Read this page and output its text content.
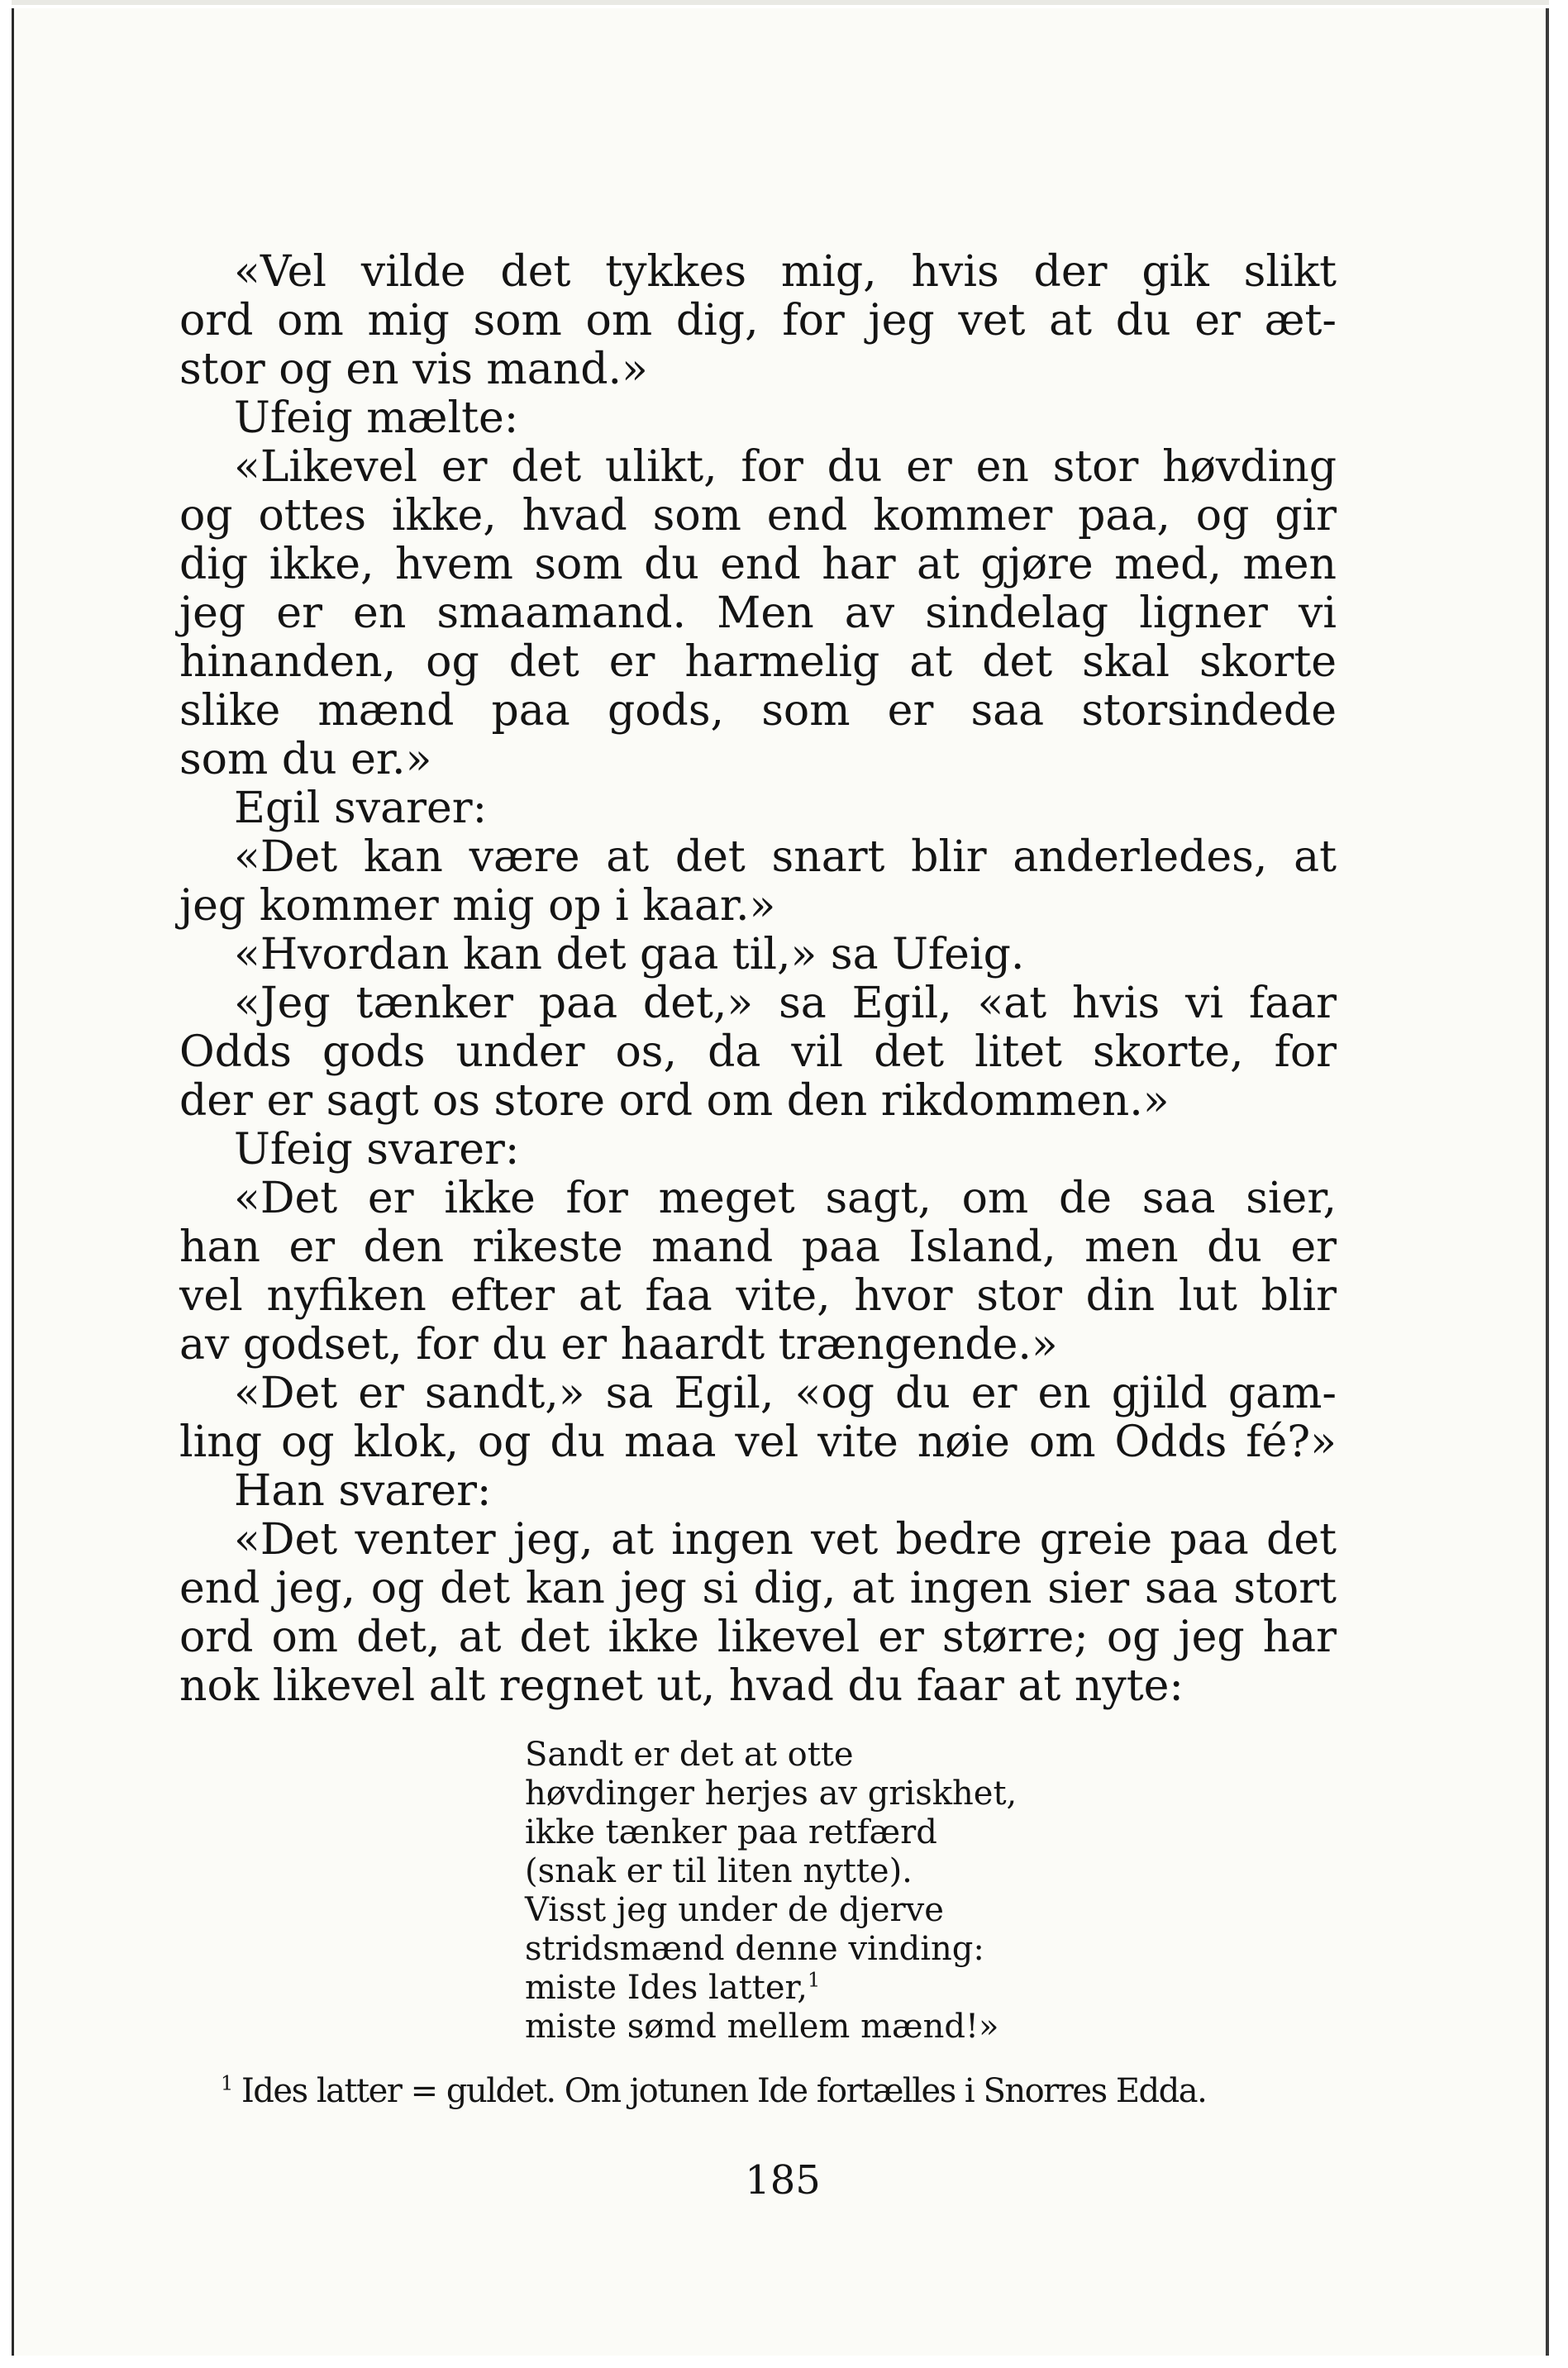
«Vel vilde det tykkes mig, hvis der gik slikt
ord om mig som om dig, for jeg vet at du er æt-
stor og en vis mand.»
Ufeig mælte:
«Likevel er det ulikt, for du er en stor høvding
og ottes ikke, hvad som end kommer paa, og gir
dig ikke, hvem som du end har at gjøre med, men
jeg er en smaamand. Men av sindelag ligner vi
hinanden, og det er harmelig at det skal skorte
slike mænd paa gods, som er saa storsindede
som du er.»
Egil svarer:
«Det kan være at det snart blir anderledes, at
jeg kommer mig op i kaar.»
«Hvordan kan det gaa til,» sa Ufeig.
«Jeg tænker paa det,» sa Egil, «at hvis vi faar
Odds gods under os, da vil det litet skorte, for
der er sagt os store ord om den rikdommen.»
Ufeig svarer:
«Det er ikke for meget sagt, om de saa sier,
han er den rikeste mand paa Island, men du er
vel nyfiken efter at faa vite, hvor stor din lut blir
av godset, for du er haardt trængende.»
«Det er sandt,» sa Egil, «og du er en gjild gam-
ling og klok, og du maa vel vite nøie om Odds fé?»
Han svarer:
«Det venter jeg, at ingen vet bedre greie paa det
end jeg, og det kan jeg si dig, at ingen sier saa stort
ord om det, at det ikke likevel er større; og jeg har
nok likevel alt regnet ut, hvad du faar at nyte:
Sandt er det at otte
høvdinger herjes av griskhet,
ikke tænker paa retfærd
(snak er til liten nytte).
Visst jeg under de djerve
stridsmænd denne vinding:
miste Ides latter,$^1$
miste sømd mellem mænd!»
$^1$ Ides latter = guldet. Om jotunen Ide fortælles i Snorres Edda.
185
